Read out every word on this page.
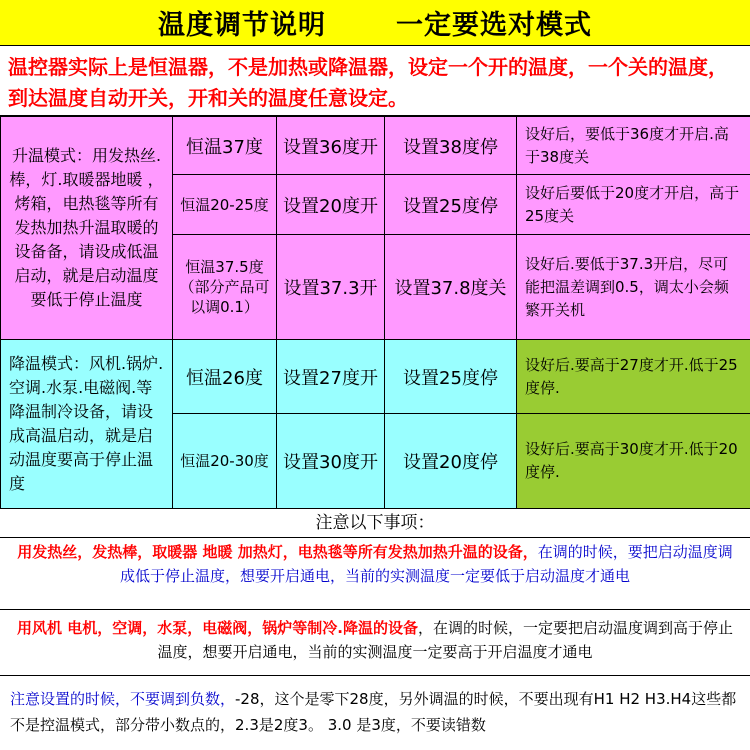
温度调节说明	一定要选对模式
温控器实际上是恒温器，不是加热或降温器，设定一个开的温度，一个关的温度，到达温度自动开关，开和关的温度任意设定。
升温模式：用发热丝.棒，灯.取暖器地暖 ，烤箱，电热毯等所有发热加热升温取暖的设备备，请设成低温启动，就是启动温度要低于停止温度	恒温37度	设置36度开	设置38度停	设好后，要低于36度才开启.高于38度关
	恒温20-25度	设置20度开	设置25度停	设好后要低于20度才开启，高于25度关
	恒温37.5度（部分产品可以调0.1）	设置37.3开	设置37.8度关	设好后.要低于37.3开启，尽可能把温差调到0.5，调太小会频繁开关机
降温模式：风机.锅炉.空调.水泵.电磁阀.等降温制冷设备，请设成高温启动，就是启动温度要高于停止温度	恒温26度	设置27度开	设置25度停	设好后.要高于27度才开.低于25度停.
	恒温20-30度	设置30度开	设置20度停	设好后.要高于30度才开.低于20度停.
注意以下事项：
用发热丝，发热棒，取暖器 地暖 加热灯，电热毯等所有发热加热升温的设备，在调的时候，要把启动温度调成低于停止温度，想要开启通电，当前的实测温度一定要低于启动温度才通电
用风机 电机，空调，水泵，电磁阀，锅炉等制冷.降温的设备，在调的时候，一定要把启动温度调到高于停止温度，想要开启通电，当前的实测温度一定要高于开启温度才通电
注意设置的时候，不要调到负数，-28，这个是零下28度，另外调温的时候，不要出现有H1 H2 H3.H4这些都不是控温模式，部分带小数点的，2.3是2度3。 3.0 是3度，不要读错数
